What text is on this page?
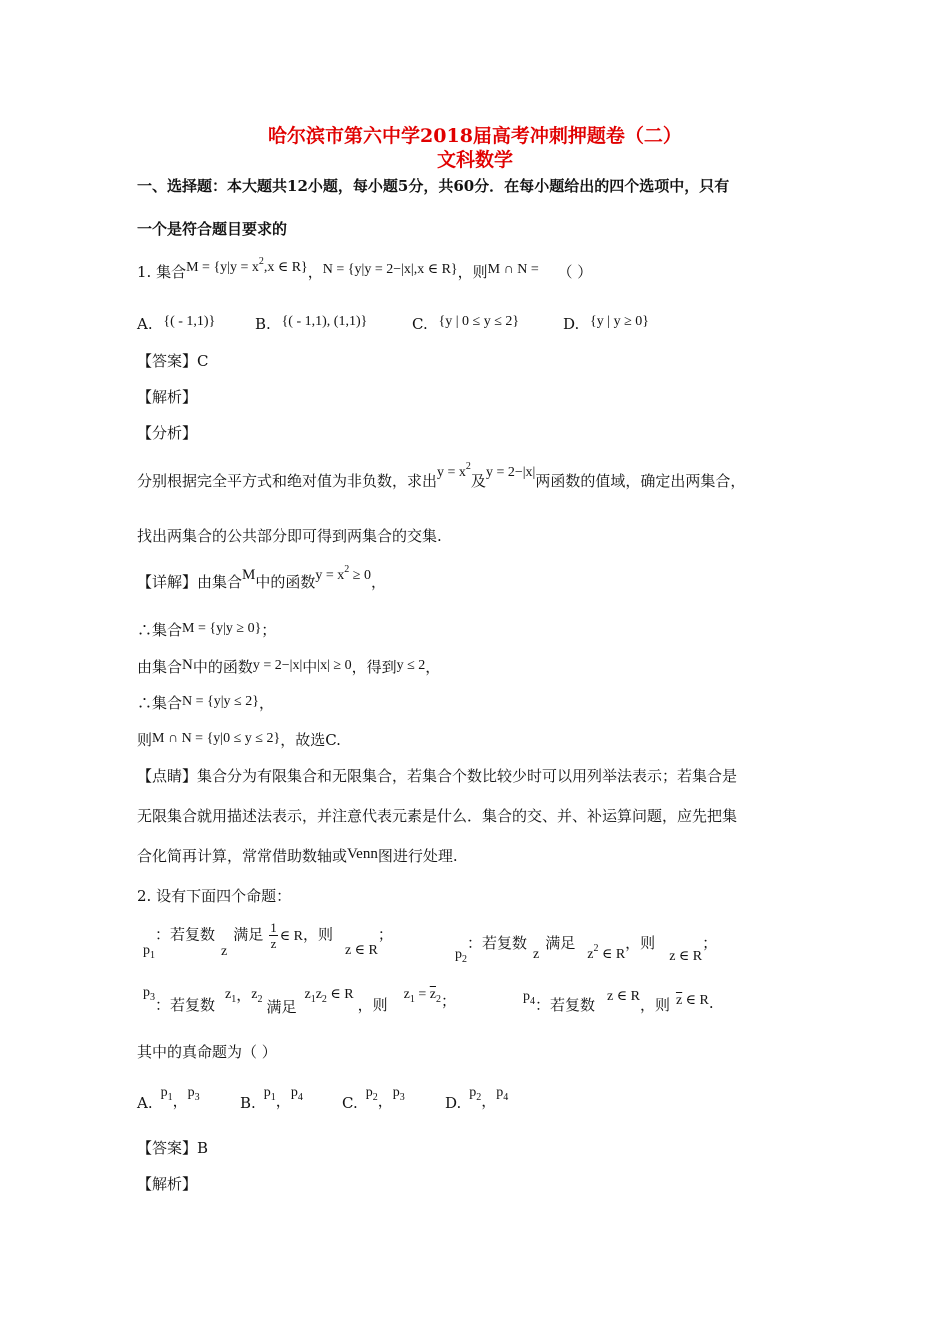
哈尔滨市第六中学2018届高考冲刺押题卷（二）
文科数学
一、选择题：本大题共12小题，每小题5分，共60分．在每小题给出的四个选项中，只有
一个是符合题目要求的
1. 集合$M = \{y|y = x^2,x$ ∈ R}，N = {y|y = 2−|x|,x ∈ R}，则M ∩ N = （ ）
A. {( - 1,1)}	B. {( - 1,1), (1,1)}	C. {y | 0 ≤ y ≤ 2}	D. {y | y ≥ 0}
【答案】C
【解析】
【分析】
分别根据完全平方式和绝对值为非负数，求出$y = x^2$及y = 2−|x|两函数的值域，确定出两集合，
找出两集合的公共部分即可得到两集合的交集.
【详解】由集合M中的函数$y = x^2 \ge 0$，
∴集合M = {y|y ≥ 0}；
由集合N中的函数y = 2−|x|中|x| ≥ 0，得到y ≤ 2，
∴集合N = {y|y ≤ 2}，
则M ∩ N = {y|0 ≤ y ≤ 2}，故选C.
【点睛】集合分为有限集合和无限集合，若集合个数比较少时可以用列举法表示；若集合是
无限集合就用描述法表示，并注意代表元素是什么．集合的交、并、补运算问题，应先把集
合化简再计算，常常借助数轴或Venn图进行处理.
2. 设有下面四个命题：
$p_1$：若复数z满足 $\frac{1}{z}$ ∈ R，则z ∈ R；
$p_2$：若复数z满足$z^2$ ∈ R，则z ∈ R；
$p_3$：若复数$z_1$，$z_2$ 满足$z_1z_2$ ∈ R，则$z_1 = \overline{z}_2$；	$p_4$：若复数 z ∈ R，则 $\overline{z}$ ∈ R.
其中的真命题为（ ）
$A.p_1$，$p_3$	$B.p_1$，$p_4$	$C.p_2$，$p_3$	$D.p_2$，$p_4$
【答案】B
【解析】
